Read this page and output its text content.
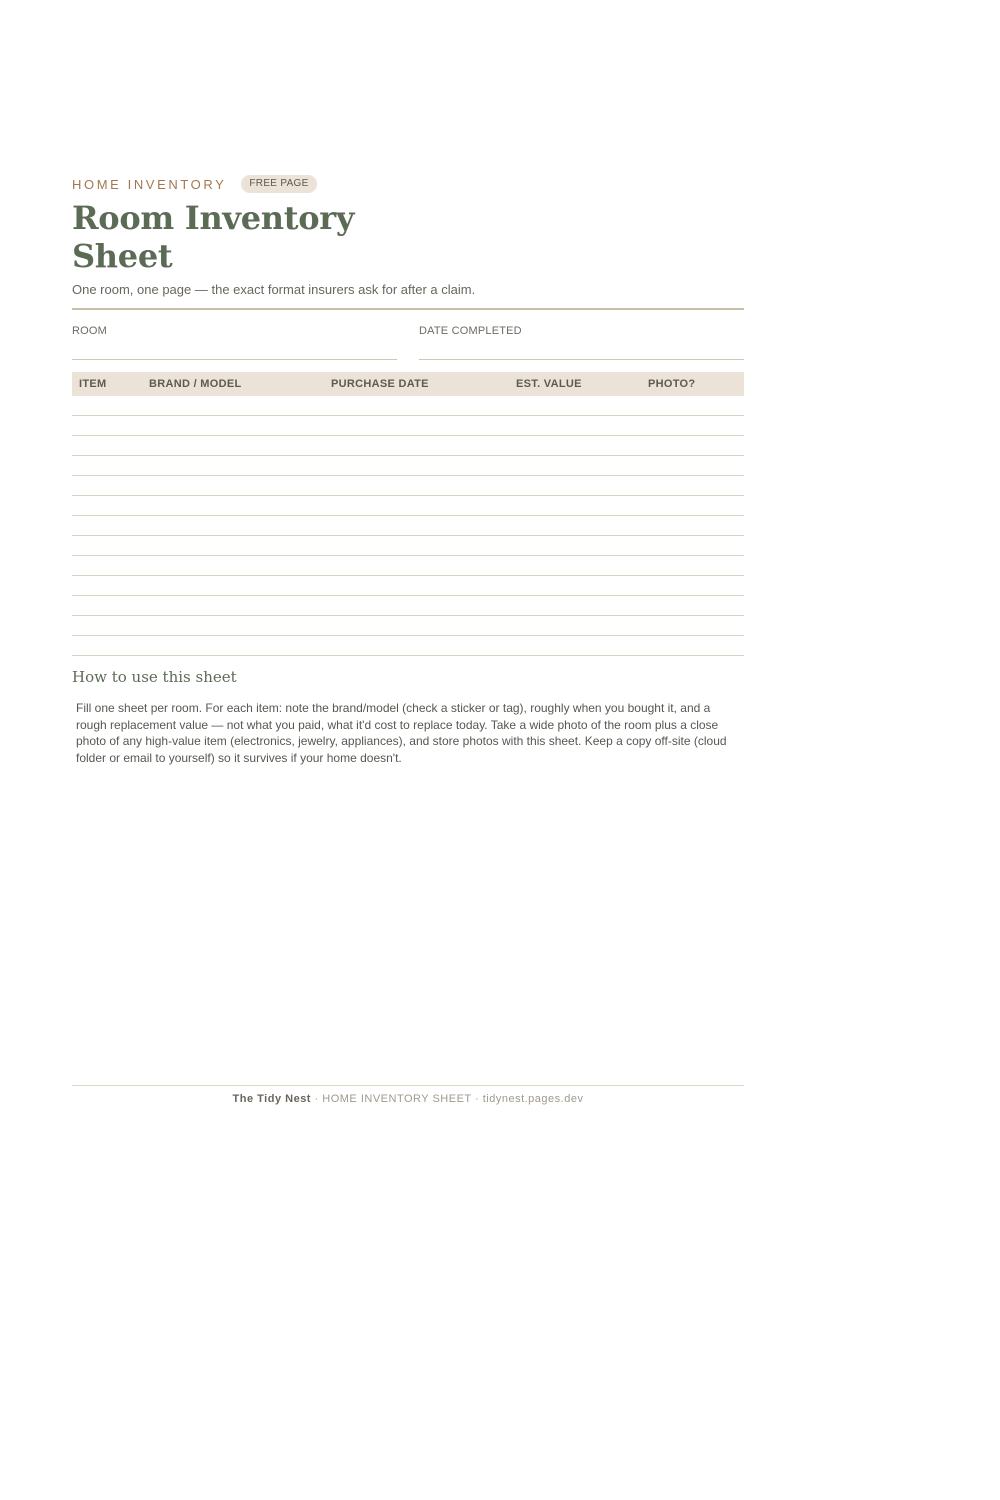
HOME INVENTORY	FREE PAGE
Room Inventory Sheet

One room, one page — the exact format insurers ask for after a claim.

ROOM	DATE COMPLETED
ITEM	BRAND / MODEL	PURCHASE DATE	EST. VALUE	PHOTO?
How to use this sheet

Fill one sheet per room. For each item: note the brand/model (check a sticker or tag), roughly when you bought it, and a rough replacement value — not what you paid, what it'd cost to replace today. Take a wide photo of the room plus a close photo of any high-value item (electronics, jewelry, appliances), and store photos with this sheet. Keep a copy off-site (cloud folder or email to yourself) so it survives if your home doesn't.

The Tidy Nest · HOME INVENTORY SHEET · tidynest.pages.dev
